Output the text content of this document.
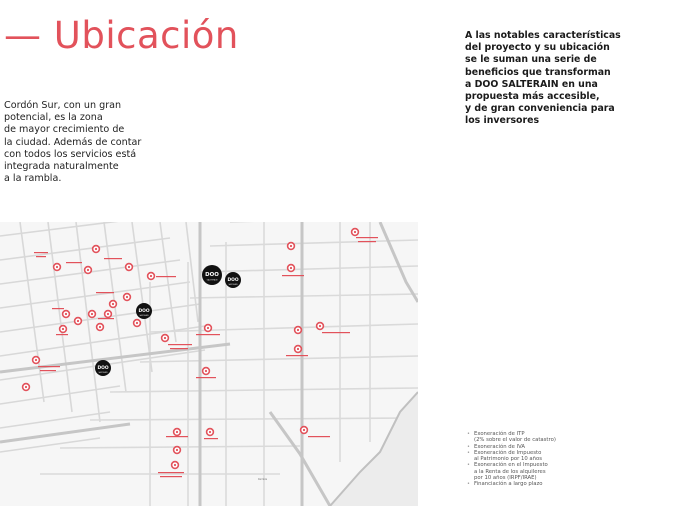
— Ubicación

Cordón Sur, con un gran
potencial, es la zona
de mayor crecimiento de
la ciudad. Además de contar
con todos los servicios está
integrada naturalmente
a la rambla.

A las notables características
del proyecto y su ubicación
se le suman una serie de
beneficios que transforman
a DOO SALTERAIN en una
propuesta más accesible,
y de gran conveniencia para
los inversores

Rambla
DOO
SALTERAIN DOO
SALTERAIN
DOO
SALTERAIN
DOO
SALTERAIN
• Exoneración de ITP
(2% sobre el valor de catastro)
• Exoneración de IVA
• Exoneración de Impuesto
al Patrimonio por 10 años
• Exoneración en el Impuesto
a la Renta de los alquileres
por 10 años (IRPF/IRAE)
• Financiación a largo plazo
